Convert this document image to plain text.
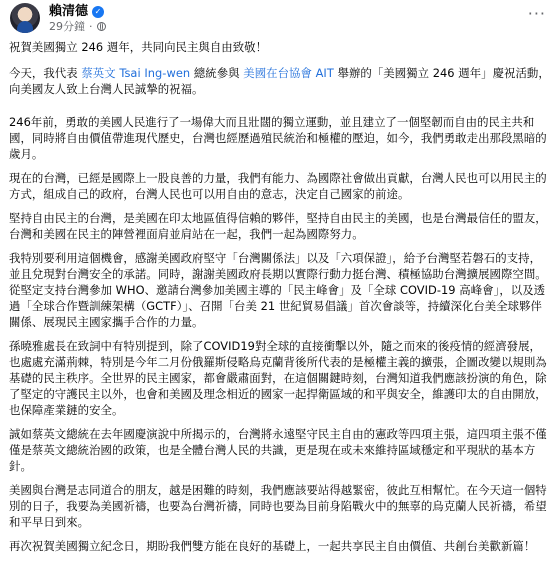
賴清德 ✓
29分鐘 ·
···

祝賀美國獨立 246 週年，共同向民主與自由致敬！

今天，我代表 蔡英文 Tsai Ing-wen 總統參與 美國在台協會 AIT 舉辦的「美國獨立 246 週年」慶祝活動，向美國友人致上台灣人民誠摯的祝福。

246年前，勇敢的美國人民進行了一場偉大而且壯闊的獨立運動，並且建立了一個堅韌而自由的民主共和國，同時將自由價值帶進現代歷史，台灣也經歷過殖民統治和極權的壓迫，如今，我們勇敢走出那段黑暗的歲月。

現在的台灣，已經是國際上一股良善的力量，我們有能力、為國際社會做出貢獻，台灣人民也可以用民主的方式，組成自己的政府，台灣人民也可以用自由的意志，決定自己國家的前途。

堅持自由民主的台灣，是美國在印太地區值得信賴的夥伴，堅持自由民主的美國，也是台灣最信任的盟友，台灣和美國在民主的陣營裡面肩並肩站在一起，我們一起為國際努力。

我特別要利用這個機會，感謝美國政府堅守「台灣關係法」以及「六項保證」，給予台灣堅若磐石的支持，並且兌現對台灣安全的承諾。同時，謝謝美國政府長期以實際行動力挺台灣、積極協助台灣擴展國際空間。從堅定支持台灣參加 WHO、邀請台灣參加美國主導的「民主峰會」及「全球 COVID-19 高峰會」，以及透過「全球合作暨訓練架構（GCTF）」、召開「台美 21 世紀貿易倡議」首次會談等，持續深化台美全球夥伴關係、展現民主國家攜手合作的力量。

孫曉雅處長在致詞中有特別提到，除了COVID19對全球的直接衝擊以外，隨之而來的後疫情的經濟發展，也處處充滿荊棘，特別是今年二月份俄羅斯侵略烏克蘭背後所代表的是極權主義的擴張，企圖改變以規則為基礎的民主秩序。全世界的民主國家，都會嚴肅面對，在這個關鍵時刻，台灣知道我們應該扮演的角色，除了堅定的守護民主以外，也會和美國及理念相近的國家一起捍衛區域的和平與安全，維護印太的自由開放，也保障產業鏈的安全。

誠如蔡英文總統在去年國慶演說中所揭示的，台灣將永遠堅守民主自由的憲政等四項主張，這四項主張不僅僅是蔡英文總統治國的政策，也是全體台灣人民的共識，更是現在或未來維持區域穩定和平現狀的基本方針。

美國與台灣是志同道合的朋友，越是困難的時刻，我們應該要站得越緊密，彼此互相幫忙。在今天這一個特別的日子，我要為美國祈禱，也要為台灣祈禱，同時也要為目前身陷戰火中的無辜的烏克蘭人民祈禱，希望和平早日到來。

再次祝賀美國獨立紀念日，期盼我們雙方能在良好的基礎上，一起共享民主自由價值、共創台美歡新篇！
